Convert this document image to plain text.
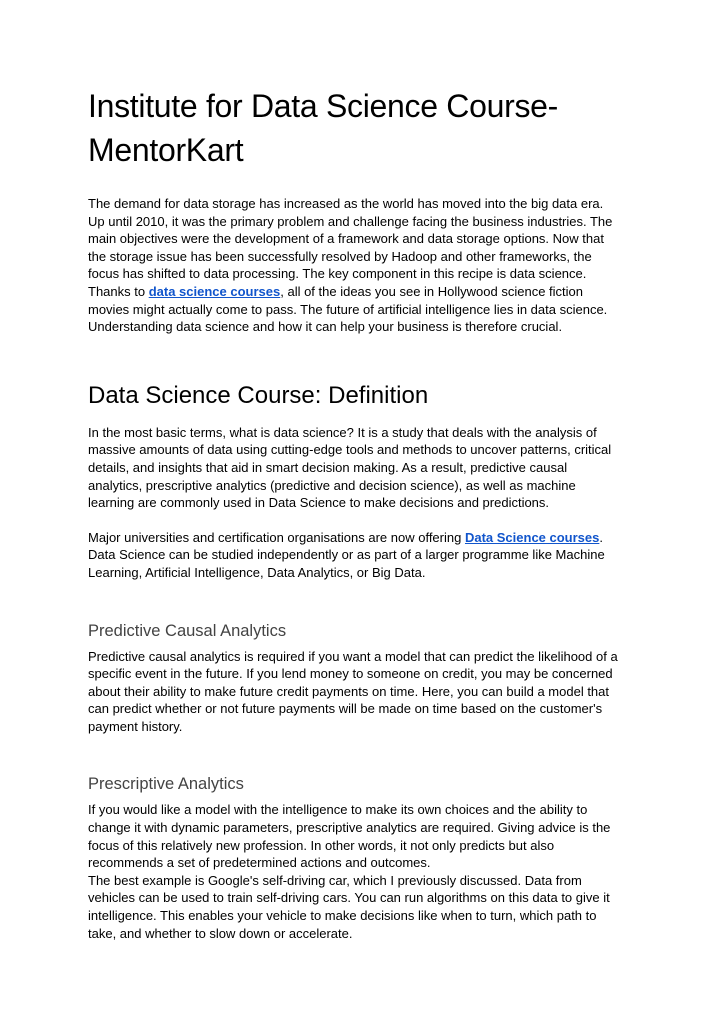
Institute for Data Science Course-
MentorKart

The demand for data storage has increased as the world has moved into the big data era.
Up until 2010, it was the primary problem and challenge facing the business industries. The
main objectives were the development of a framework and data storage options. Now that
the storage issue has been successfully resolved by Hadoop and other frameworks, the
focus has shifted to data processing. The key component in this recipe is data science.
Thanks to data science courses, all of the ideas you see in Hollywood science fiction
movies might actually come to pass. The future of artificial intelligence lies in data science.
Understanding data science and how it can help your business is therefore crucial.

Data Science Course: Definition

In the most basic terms, what is data science? It is a study that deals with the analysis of
massive amounts of data using cutting-edge tools and methods to uncover patterns, critical
details, and insights that aid in smart decision making. As a result, predictive causal
analytics, prescriptive analytics (predictive and decision science), as well as machine
learning are commonly used in Data Science to make decisions and predictions.

Major universities and certification organisations are now offering Data Science courses.
Data Science can be studied independently or as part of a larger programme like Machine
Learning, Artificial Intelligence, Data Analytics, or Big Data.

Predictive Causal Analytics

Predictive causal analytics is required if you want a model that can predict the likelihood of a
specific event in the future. If you lend money to someone on credit, you may be concerned
about their ability to make future credit payments on time. Here, you can build a model that
can predict whether or not future payments will be made on time based on the customer's
payment history.

Prescriptive Analytics

If you would like a model with the intelligence to make its own choices and the ability to
change it with dynamic parameters, prescriptive analytics are required. Giving advice is the
focus of this relatively new profession. In other words, it not only predicts but also
recommends a set of predetermined actions and outcomes.

The best example is Google's self-driving car, which I previously discussed. Data from
vehicles can be used to train self-driving cars. You can run algorithms on this data to give it
intelligence. This enables your vehicle to make decisions like when to turn, which path to
take, and whether to slow down or accelerate.
